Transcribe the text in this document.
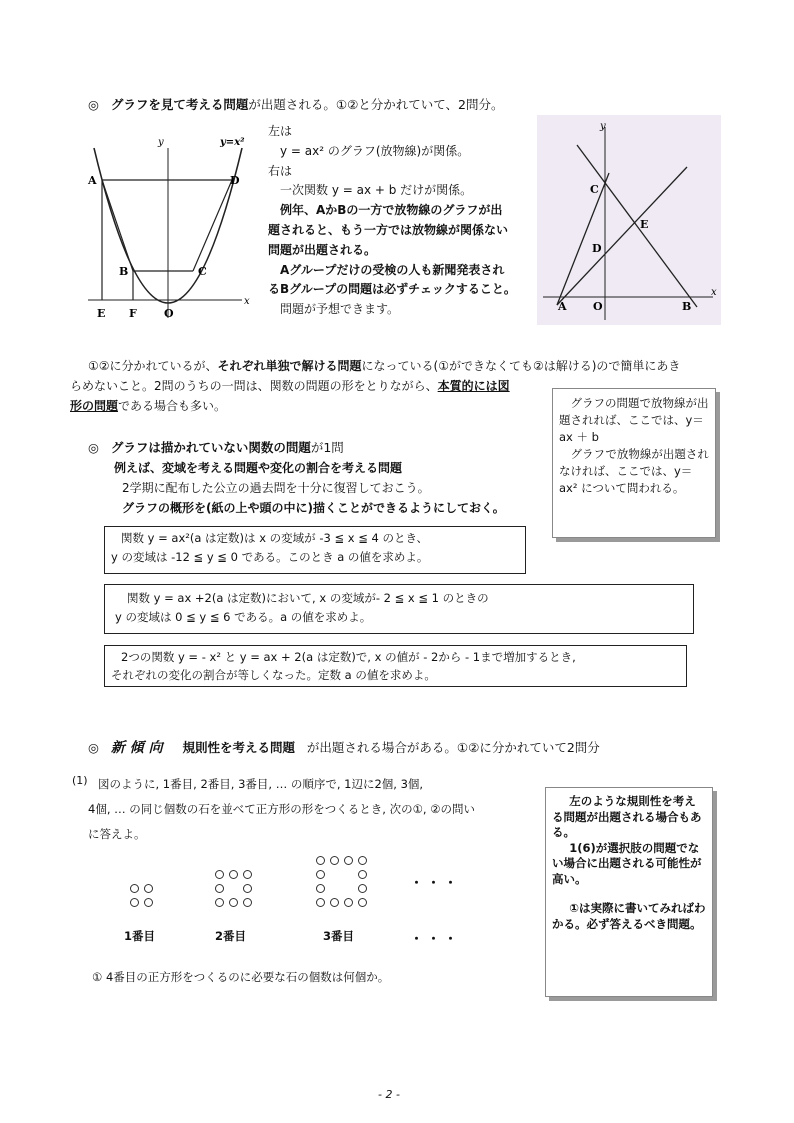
◎ グラフを見て考える問題が出題される。①②と分かれていて、2問分。
y	y=x²
x
A	D
B	C
E F O
左は
y = ax² のグラフ(放物線)が関係。
右は
一次関数 y = ax + b だけが関係。
例年、AかBの一方で放物線のグラフが出
題されると、もう一方では放物線が関係ない
問題が出題される。
Aグループだけの受検の人も新聞発表され
るBグループの問題は必ずチェックすること。
問題が予想できます。
y
x
C
D
E
A O	B
①②に分かれているが、それぞれ単独で解ける問題になっている(①ができなくても②は解ける)ので簡単にあき
らめないこと。2問のうちの一問は、関数の問題の形をとりながら、本質的には図
形の問題である場合も多い。	グラフの問題で放物線が出題されれば、ここでは、y＝ax ＋ b

グラフで放物線が出題されなければ、ここでは、y＝ax² について問われる。

◎ グラフは描かれていない関数の問題が1問
例えば、変域を考える問題や変化の割合を考える問題
2学期に配布した公立の過去問を十分に復習しておこう。
グラフの概形を(紙の上や頭の中に)描くことができるようにしておく。
関数 y = ax²(a は定数)は x の変域が -3 ≦ x ≦ 4 のとき、
y の変域は -12 ≦ y ≦ 0 である。このとき a の値を求めよ。
関数 y = ax +2(a は定数)において, x の変域が- 2 ≦ x ≦ 1 のときの
y の変域は 0 ≦ y ≦ 6 である。a の値を求めよ。
2つの関数 y = - x² と y = ax + 2(a は定数)で, x の値が - 2から - 1まで増加するとき,
それぞれの変化の割合が等しくなった。定数 a の値を求めよ。
◎ 新 傾 向 規則性を考える問題 が出題される場合がある。①②に分かれていて2問分
(1) 図のように, 1番目, 2番目, 3番目, … の順序で, 1辺に2個, 3個,
4個, … の同じ個数の石を並べて正方形の形をつくるとき, 次の①, ②の問い
に答えよ。
・・・
1番目	2番目	3番目	・・・
① 4番目の正方形をつくるのに必要な石の個数は何個か。

左のような規則性を考える問題が出題される場合もある。

1(6)が選択肢の問題でない場合に出題される可能性が高い。

①は実際に書いてみればわかる。必ず答えるべき問題。

- 2 -
